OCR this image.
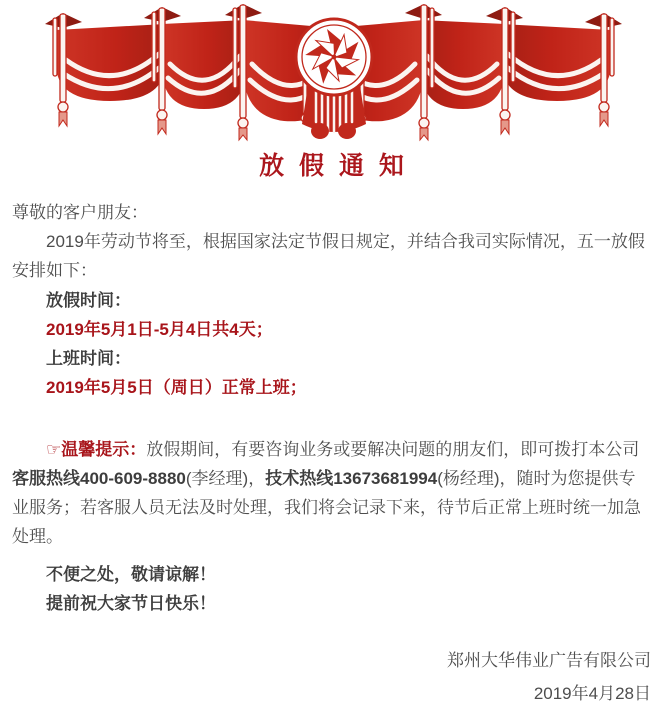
放 假 通 知

尊敬的客户朋友：

2019年劳动节将至，根据国家法定节假日规定，并结合我司实际情况，五一放假安排如下：

放假时间：

2019年5月1日-5月4日共4天；

上班时间：

2019年5月5日（周日）正常上班；

☞温馨提示：放假期间，有要咨询业务或要解决问题的朋友们，即可拨打本公司客服热线400-609-8880(李经理)，技术热线13673681994(杨经理)，随时为您提供专业服务；若客服人员无法及时处理，我们将会记录下来，待节后正常上班时统一加急处理。

不便之处，敬请谅解！

提前祝大家节日快乐！

郑州大华伟业广告有限公司

2019年4月28日
